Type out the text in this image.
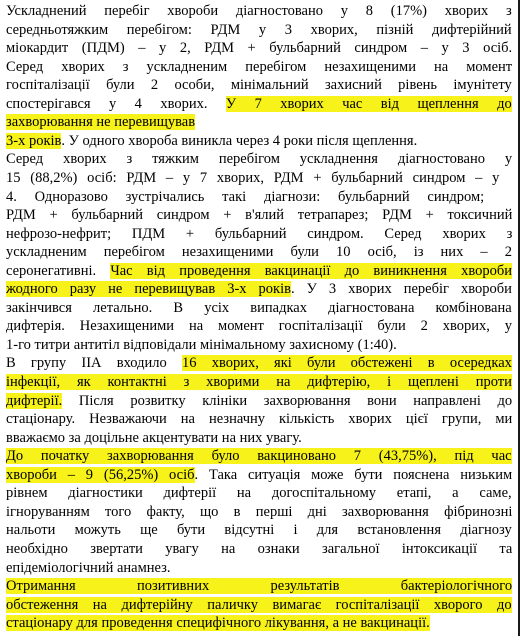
Ускладнений перебіг хвороби діагностовано у 8 (17%) хворих з
середньотяжким перебігом: РДМ у 3 хворих, пізній дифтерійний
міокардит (ПДМ) – у 2, РДМ + бульбарний синдром – у 3 осіб.
Серед хворих з ускладненим перебігом незахищеними на момент
госпіталізації були 2 особи, мінімальний захисний рівень імунітету
спостерігався у 4 хворих. У 7 хворих час від щеплення до
захворювання не перевищував
3-х років. У одного хвороба виникла через 4 роки після щеплення.
Серед хворих з тяжким перебігом ускладнення діагностовано у
15 (88,2%) осіб: РДМ – у 7 хворих, РДМ + бульбарний синдром – у
4. Одноразово зустрічались такі діагнози: бульбарний синдром;
РДМ + бульбарний синдром + в'ялий тетрапарез; РДМ + токсичний
нефрозо-нефрит; ПДМ + бульбарний синдром. Серед хворих з
ускладненим перебігом незахищеними були 10 осіб, із них – 2
серонегативні. Час від проведення вакцинації до виникнення хвороби
жодного разу не перевищував 3-х років. У 3 хворих перебіг хвороби
закінчився летально. В усіх випадках діагностована комбінована
дифтерія. Незахищеними на момент госпіталізації були 2 хворих, у
1-го титри антитіл відповідали мінімальному захисному (1:40).
В групу ІІА входило 16 хворих, які були обстежені в осередках
інфекції, як контактні з хворими на дифтерію, і щеплені проти
дифтерії. Після розвитку клініки захворювання вони направлені до
стаціонару. Незважаючи на незначну кількість хворих цієї групи, ми
вважаємо за доцільне акцентувати на них увагу.
До початку захворювання було вакциновано 7 (43,75%), під час
хвороби – 9 (56,25%) осіб. Така ситуація може бути пояснена низьким
рівнем діагностики дифтерії на догоспітальному етапі, а саме,
ігноруванням того факту, що в перші дні захворювання фібринозні
нальоти можуть ще бути відсутні і для встановлення діагнозу
необхідно звертати увагу на ознаки загальної інтоксикації та
епідеміологічний анамнез.
Отримання позитивних результатів бактеріологічного
обстеження на дифтерійну паличку вимагає госпіталізації хворого до
стаціонару для проведення специфічного лікування, а не вакцинації.
